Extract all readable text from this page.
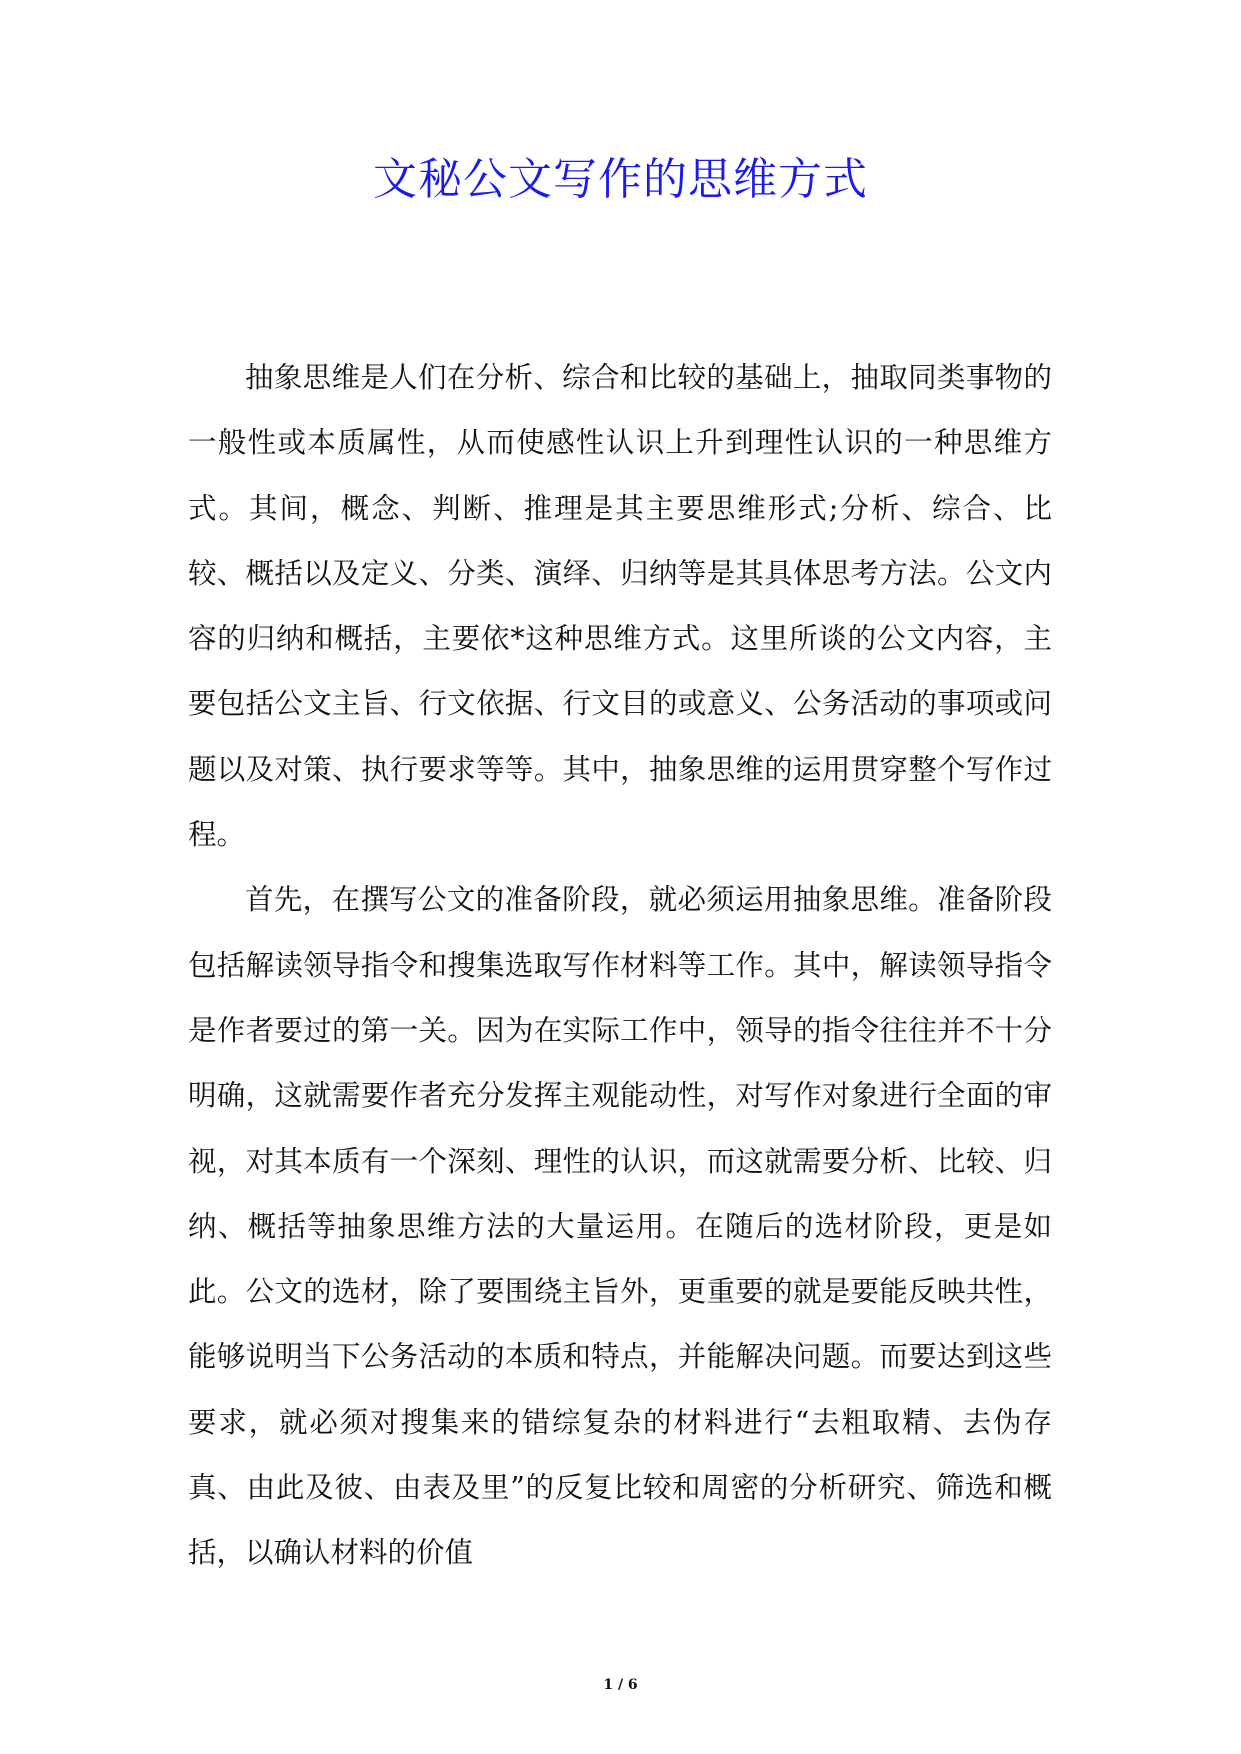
文秘公文写作的思维方式

抽象思维是人们在分析、综合和比较的基础上，抽取同类事物的一般性或本质属性，从而使感性认识上升到理性认识的一种思维方式。其间，概念、判断、推理是其主要思维形式;分析、综合、比较、概括以及定义、分类、演绎、归纳等是其具体思考方法。公文内容的归纳和概括，主要依*这种思维方式。这里所谈的公文内容，主要包括公文主旨、行文依据、行文目的或意义、公务活动的事项或问题以及对策、执行要求等等。其中，抽象思维的运用贯穿整个写作过程。

首先，在撰写公文的准备阶段，就必须运用抽象思维。准备阶段包括解读领导指令和搜集选取写作材料等工作。其中，解读领导指令是作者要过的第一关。因为在实际工作中，领导的指令往往并不十分明确，这就需要作者充分发挥主观能动性，对写作对象进行全面的审视，对其本质有一个深刻、理性的认识，而这就需要分析、比较、归纳、概括等抽象思维方法的大量运用。在随后的选材阶段，更是如此。公文的选材，除了要围绕主旨外，更重要的就是要能反映共性，能够说明当下公务活动的本质和特点，并能解决问题。而要达到这些要求，就必须对搜集来的错综复杂的材料进行“去粗取精、去伪存真、由此及彼、由表及里”的反复比较和周密的分析研究、筛选和概括，以确认材料的价值

1 / 6
